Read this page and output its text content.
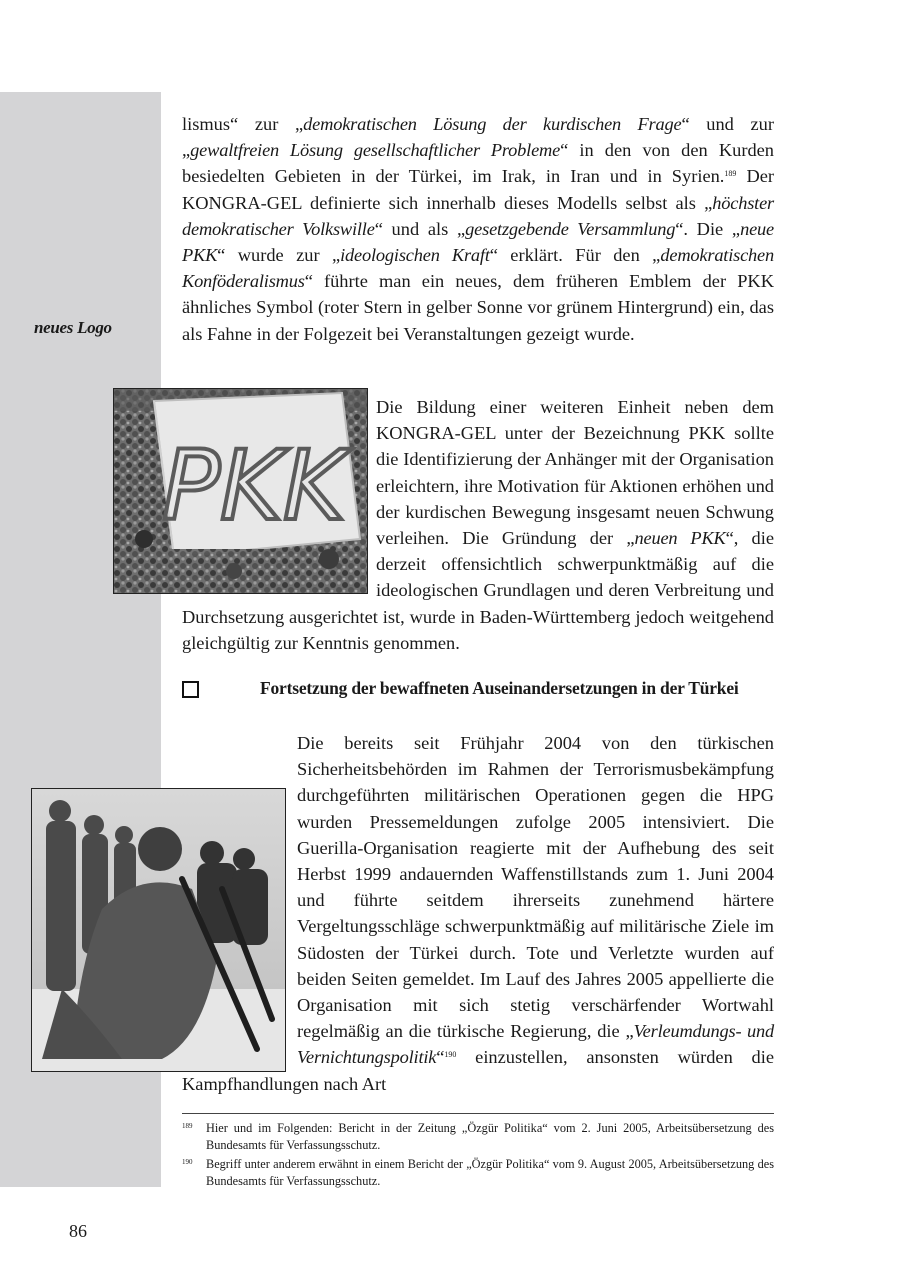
neues Logo

lismus“ zur „demokratischen Lösung der kurdischen Frage“ und zur „gewaltfreien Lösung gesellschaftlicher Probleme“ in den von den Kurden besiedelten Gebieten in der Türkei, im Irak, in Iran und in Syrien.$^{189}$ Der KONGRA-GEL definierte sich innerhalb dieses Modells selbst als „höchster demokratischer Volkswille“ und als „gesetzgebende Versammlung“. Die „neue PKK“ wurde zur „ideologischen Kraft“ erklärt. Für den „demokratischen Konföderalismus“ führte man ein neues, dem früheren Emblem der PKK ähnliches Symbol (roter Stern in gelber Sonne vor grünem Hintergrund) ein, das als Fahne in der Folgezeit bei Veranstaltungen gezeigt wurde.

Die Bildung einer weiteren Einheit neben dem KONGRA-GEL unter der Bezeichnung PKK sollte die Identifizierung der Anhänger mit der Organisation erleichtern, ihre Motivation für Aktionen erhöhen und der kurdischen Bewegung insgesamt neuen Schwung verleihen. Die Gründung der „neuen PKK“, die derzeit offensichtlich schwerpunktmäßig auf die ideologischen Grundlagen und deren Verbreitung und Durchsetzung ausgerichtet ist, wurde in Baden-Württemberg jedoch weitgehend gleichgültig zur Kenntnis genommen.
PKK
Fortsetzung der bewaffneten Auseinandersetzungen in der Türkei
Die bereits seit Frühjahr 2004 von den türkischen Sicherheitsbehörden im Rahmen der Terrorismusbekämpfung durchgeführten militärischen Operationen gegen die HPG wurden Pressemeldungen zufolge 2005 intensiviert. Die Guerilla-Organisation reagierte mit der Aufhebung des seit Herbst 1999 andauernden Waffenstillstands zum 1. Juni 2004 und führte seitdem ihrerseits zunehmend härtere Vergeltungsschläge schwerpunktmäßig auf militärische Ziele im Südosten der Türkei durch. Tote und Verletzte wurden auf beiden Seiten gemeldet. Im Lauf des Jahres 2005 appellierte die Organisation mit sich stetig verschärfender Wortwahl regelmäßig an die türkische Regierung, die „Verleumdungs- und Vernichtungspolitik“$^{190}$ einzustellen, ansonsten würden die Kampfhandlungen nach Art
189 Hier und im Folgenden: Bericht in der Zeitung „Özgür Politika“ vom 2. Juni 2005, Arbeitsübersetzung des Bundesamts für Verfassungsschutz.
190 Begriff unter anderem erwähnt in einem Bericht der „Özgür Politika“ vom 9. August 2005, Arbeitsübersetzung des Bundesamts für Verfassungsschutz.
86
